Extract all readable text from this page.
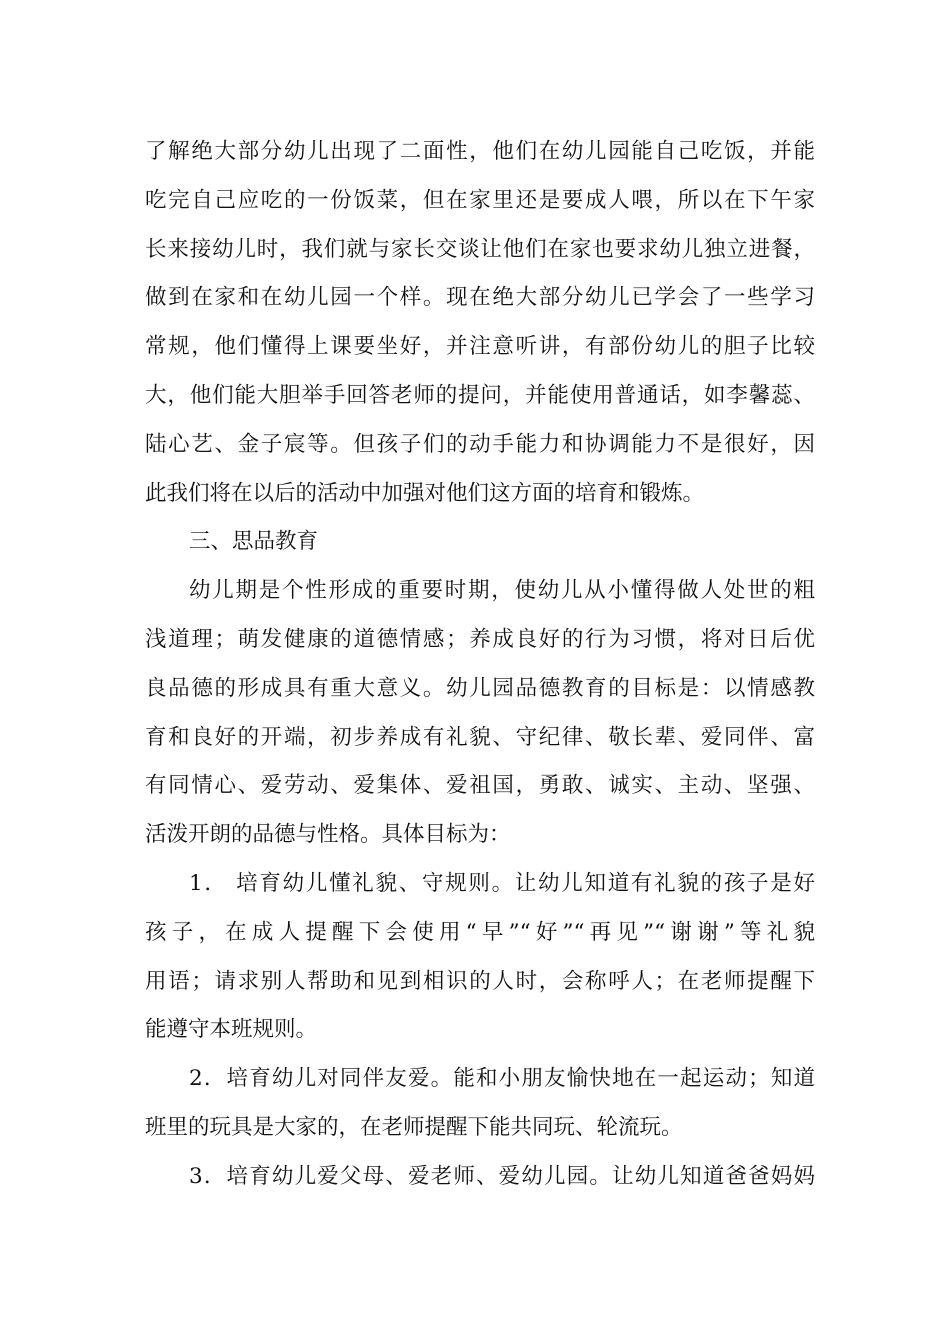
了解绝大部分幼儿出现了二面性，他们在幼儿园能自己吃饭，并能
吃完自己应吃的一份饭菜，但在家里还是要成人喂，所以在下午家
长来接幼儿时，我们就与家长交谈让他们在家也要求幼儿独立进餐，
做到在家和在幼儿园一个样。现在绝大部分幼儿已学会了一些学习
常规，他们懂得上课要坐好，并注意听讲，有部份幼儿的胆子比较
大，他们能大胆举手回答老师的提问，并能使用普通话，如李馨蕊、
陆心艺、金子宸等。但孩子们的动手能力和协调能力不是很好，因
此我们将在以后的活动中加强对他们这方面的培育和锻炼。
三、思品教育
幼儿期是个性形成的重要时期，使幼儿从小懂得做人处世的粗
浅道理；萌发健康的道德情感；养成良好的行为习惯，将对日后优
良品德的形成具有重大意义。幼儿园品德教育的目标是：以情感教
育和良好的开端，初步养成有礼貌、守纪律、敬长辈、爱同伴、富
有同情心、爱劳动、爱集体、爱祖国，勇敢、诚实、主动、坚强、
活泼开朗的品德与性格。具体目标为：
1． 培育幼儿懂礼貌、守规则。让幼儿知道有礼貌的孩子是好
孩子，在成人提醒下会使用“早”“好”“再见”“谢谢”等礼貌
用语；请求别人帮助和见到相识的人时，会称呼人；在老师提醒下
能遵守本班规则。
2．培育幼儿对同伴友爱。能和小朋友愉快地在一起运动；知道
班里的玩具是大家的，在老师提醒下能共同玩、轮流玩。
3．培育幼儿爱父母、爱老师、爱幼儿园。让幼儿知道爸爸妈妈
